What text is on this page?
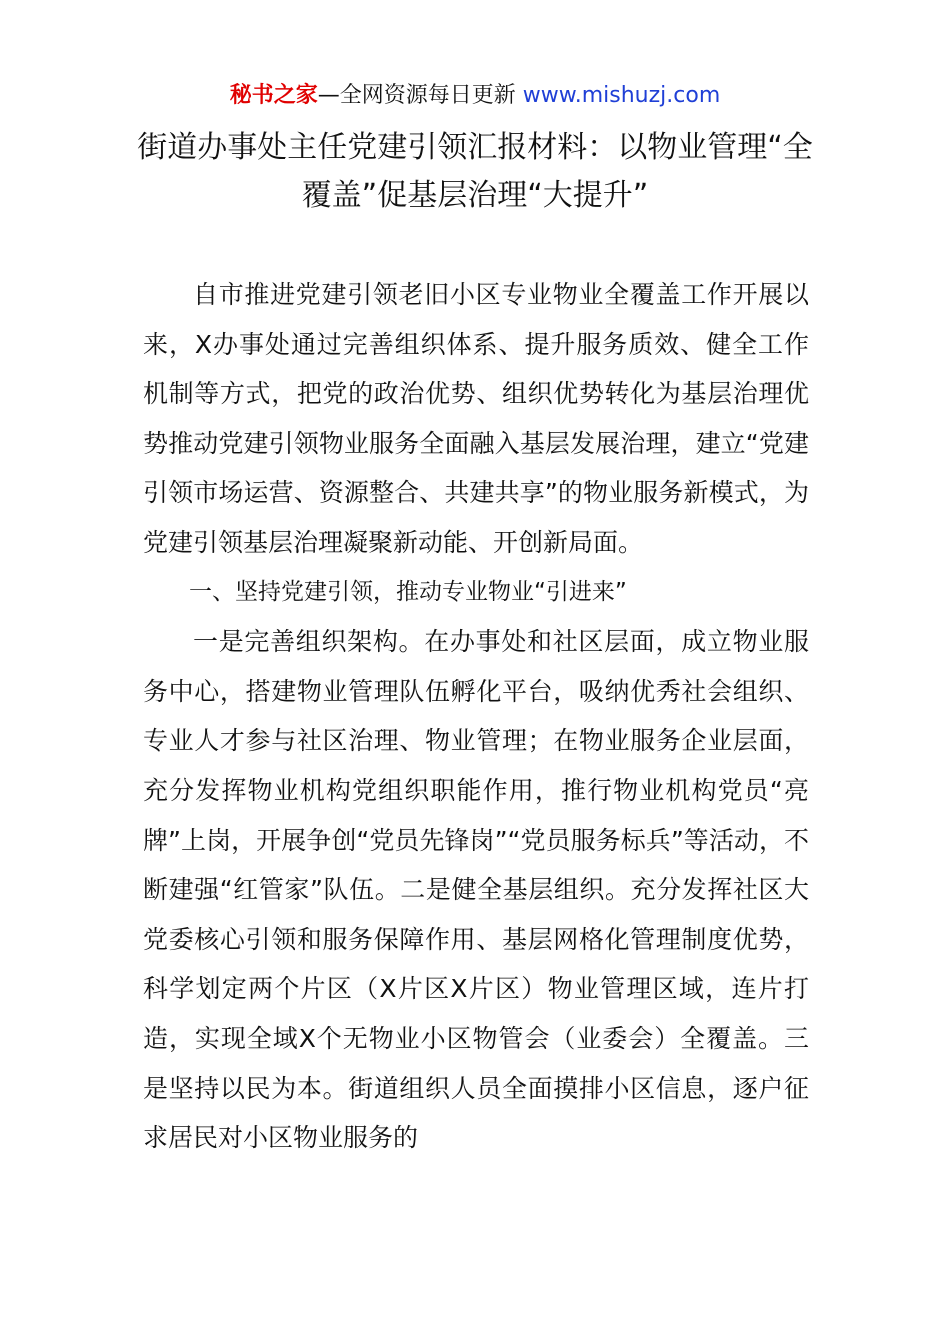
秘书之家—全网资源每日更新 www.mishuzj.com
街道办事处主任党建引领汇报材料：以物业管理“全覆盖”促基层治理“大提升”

自市推进党建引领老旧小区专业物业全覆盖工作开展以来，X办事处通过完善组织体系、提升服务质效、健全工作机制等方式，把党的政治优势、组织优势转化为基层治理优势推动党建引领物业服务全面融入基层发展治理，建立“党建引领市场运营、资源整合、共建共享”的物业服务新模式，为党建引领基层治理凝聚新动能、开创新局面。

一、坚持党建引领，推动专业物业“引进来”

一是完善组织架构。在办事处和社区层面，成立物业服务中心，搭建物业管理队伍孵化平台，吸纳优秀社会组织、专业人才参与社区治理、物业管理；在物业服务企业层面，充分发挥物业机构党组织职能作用，推行物业机构党员“亮牌”上岗，开展争创“党员先锋岗”“党员服务标兵”等活动，不断建强“红管家”队伍。二是健全基层组织。充分发挥社区大党委核心引领和服务保障作用、基层网格化管理制度优势，科学划定两个片区（X片区X片区）物业管理区域，连片打造，实现全域X个无物业小区物管会（业委会）全覆盖。三是坚持以民为本。街道组织人员全面摸排小区信息，逐户征求居民对小区物业服务的
